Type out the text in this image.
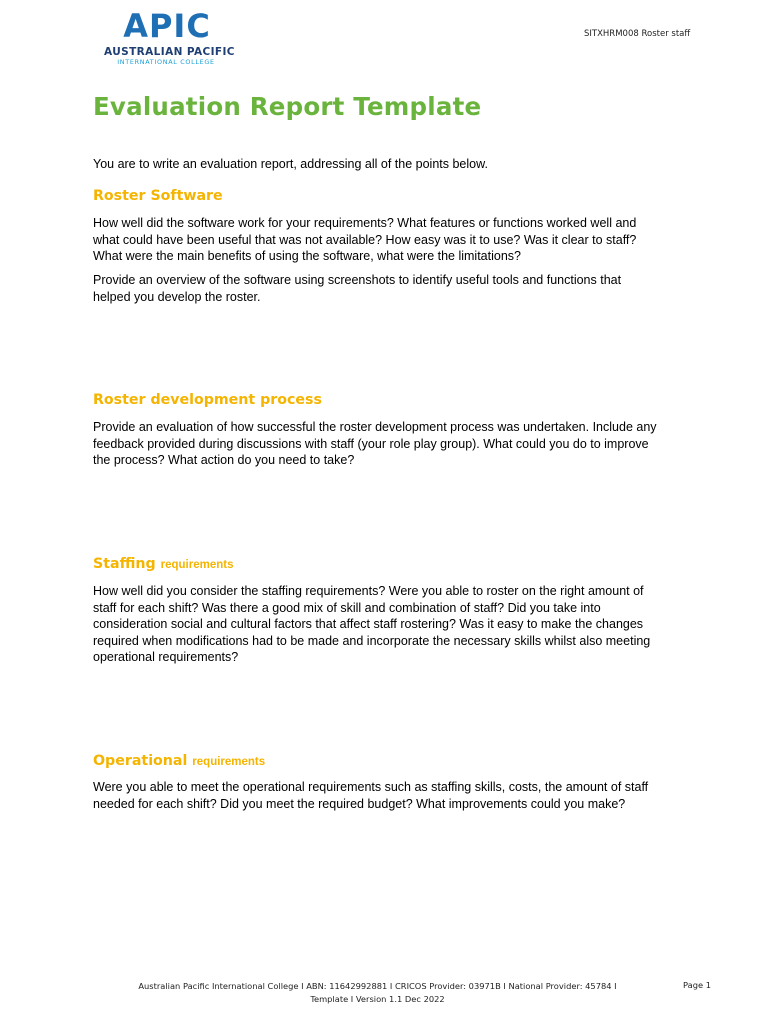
APIC
AUSTRALIAN PACIFIC
INTERNATIONAL COLLEGE
SITXHRM008 Roster staff
Evaluation Report Template
You are to write an evaluation report, addressing all of the points below.
Roster Software
How well did the software work for your requirements? What features or functions worked well and
what could have been useful that was not available? How easy was it to use? Was it clear to staff?
What were the main benefits of using the software, what were the limitations?
Provide an overview of the software using screenshots to identify useful tools and functions that
helped you develop the roster.
Roster development process
Provide an evaluation of how successful the roster development process was undertaken. Include any
feedback provided during discussions with staff (your role play group). What could you do to improve
the process? What action do you need to take?
Staffing requirements
How well did you consider the staffing requirements? Were you able to roster on the right amount of
staff for each shift? Was there a good mix of skill and combination of staff? Did you take into
consideration social and cultural factors that affect staff rostering? Was it easy to make the changes
required when modifications had to be made and incorporate the necessary skills whilst also meeting
operational requirements?
Operational requirements
Were you able to meet the operational requirements such as staffing skills, costs, the amount of staff
needed for each shift? Did you meet the required budget? What improvements could you make?
Australian Pacific International College I ABN: 11642992881 I CRICOS Provider: 03971B I National Provider: 45784 I
Template I Version 1.1 Dec 2022
Page 1
